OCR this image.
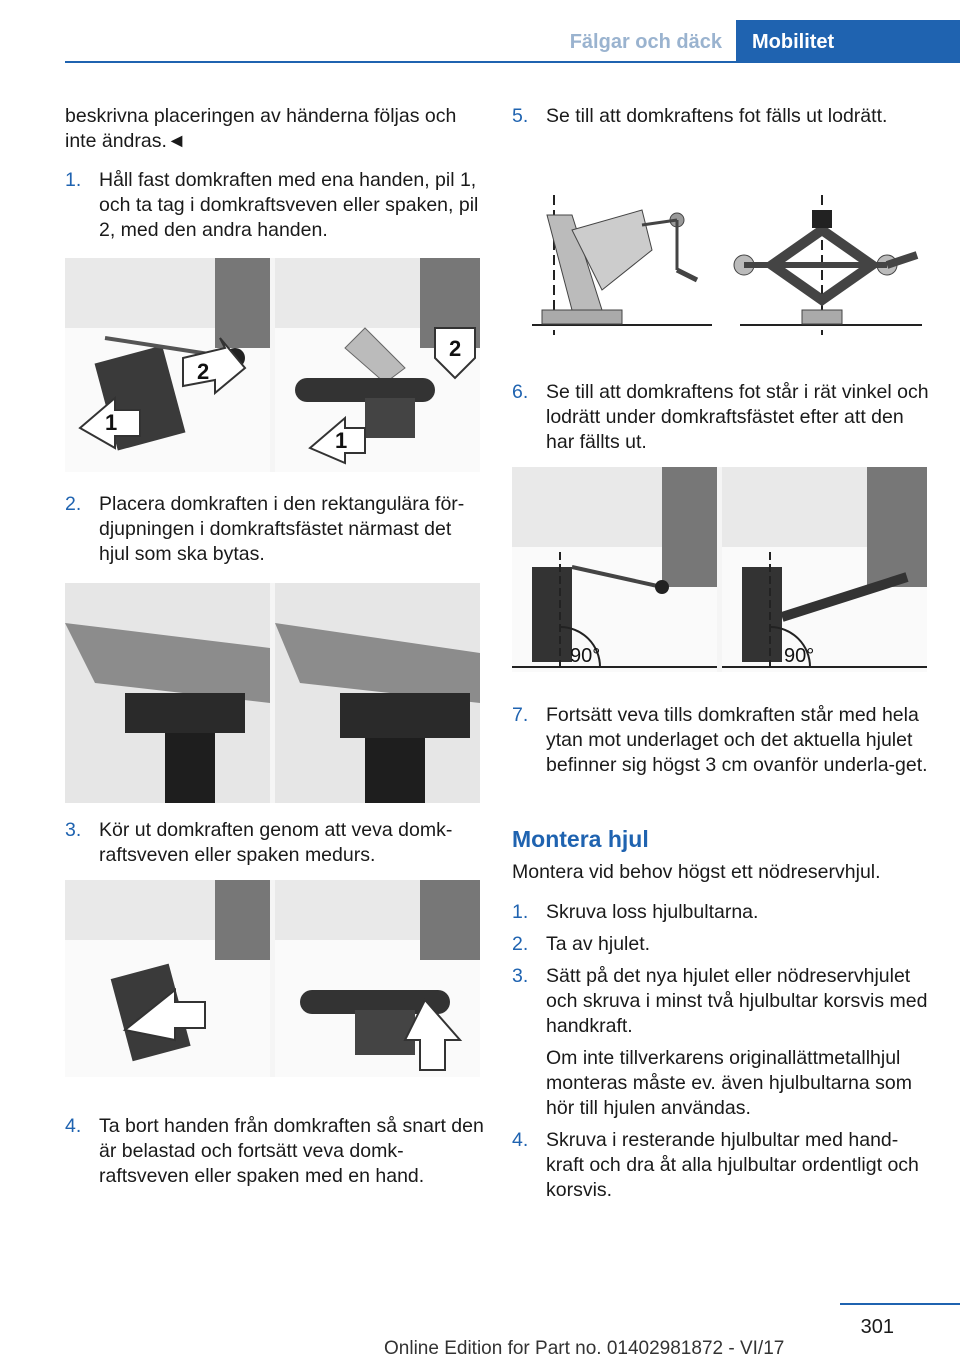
Fälgar och däck	Mobilitet

beskrivna placeringen av händerna följas och inte ändras.◄

1. Håll fast domkraften med ena handen, pil 1, och ta tag i domkraftsveven eller spaken, pil 2, med den andra handen.
2
1
2
1
2. Placera domkraften i den rektangulära för-djupningen i domkraftsfästet närmast det hjul som ska bytas.
3. Kör ut domkraften genom att veva domk-raftsveven eller spaken medurs.
4. Ta bort handen från domkraften så snart den är belastad och fortsätt veva domk-raftsveven eller spaken med en hand.
5. Se till att domkraftens fot fälls ut lodrätt.
6. Se till att domkraftens fot står i rät vinkel och lodrätt under domkraftsfästet efter att den har fällts ut.
90°	90°
7. Fortsätt veva tills domkraften står med hela ytan mot underlaget och det aktuella hjulet befinner sig högst 3 cm ovanför underla-get.
Montera hjul

Montera vid behov högst ett nödreservhjul.

1. Skruva loss hjulbultarna.
2. Ta av hjulet.
3. Sätt på det nya hjulet eller nödreservhjulet och skruva i minst två hjulbultar korsvis med handkraft.
Om inte tillverkarens originallättmetallhjul monteras måste ev. även hjulbultarna som hör till hjulen användas.
4. Skruva i resterande hjulbultar med hand-kraft och dra åt alla hjulbultar ordentligt och korsvis.
301
Online Edition for Part no. 01402981872 - VI/17
